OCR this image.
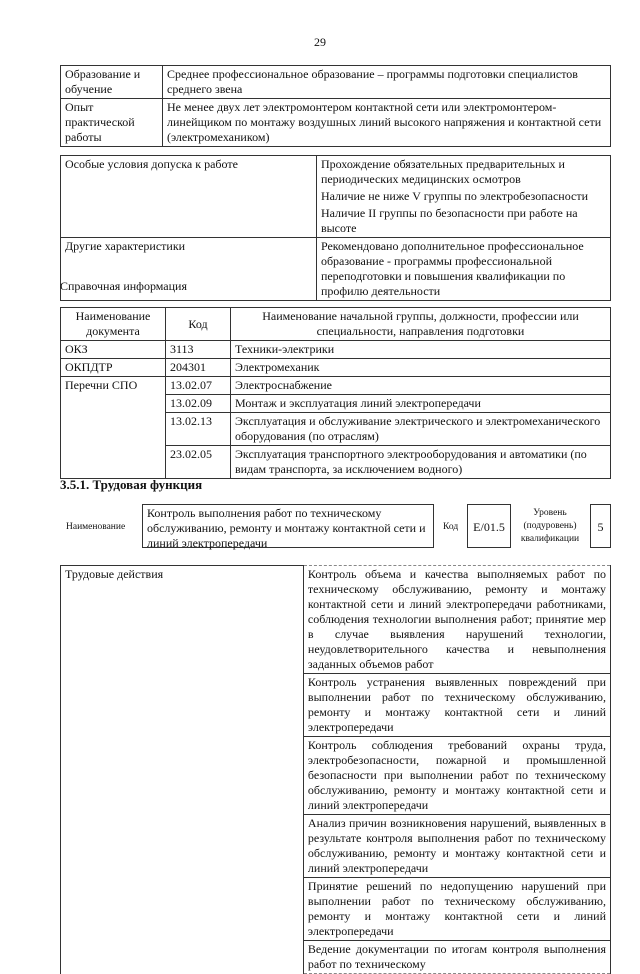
29
Образование и обучение	Среднее профессиональное образование – программы подготовки специалистов среднего звена
Опыт практической работы	Не менее двух лет электромонтером контактной сети или электромонтером-линейщиком по монтажу воздушных линий высокого напряжения и контактной сети (электромехаником)
Особые условия допуска к работе	Прохождение обязательных предварительных и периодических медицинских осмотров
	Наличие не ниже V группы по электробезопасности
	Наличие II группы по безопасности при работе на высоте
Другие характеристики	Рекомендовано дополнительное профессиональное образование - программы профессиональной переподготовки и повышения квалификации по профилю деятельности
Справочная информация
Наименование документа	Код	Наименование начальной группы, должности, профессии или специальности, направления подготовки
ОКЗ	3113	Техники-электрики
ОКПДТР	204301	Электромеханик
Перечни СПО	13.02.07	Электроснабжение
	13.02.09	Монтаж и эксплуатация линий электропередачи
	13.02.13	Эксплуатация и обслуживание электрического и электромеханического оборудования (по отраслям)
	23.02.05	Эксплуатация транспортного электрооборудования и автоматики (по видам транспорта, за исключением водного)
3.5.1. Трудовая функция
Наименование
Контроль выполнения работ по техническому обслуживанию, ремонту и монтажу контактной сети и линий электропередачи
Код	E/01.5
Уровень (подуровень) квалификации
5
Трудовые действия	Контроль объема и качества выполняемых работ по техническому обслуживанию, ремонту и монтажу контактной сети и линий электропередачи работниками, соблюдения технологии выполнения работ; принятие мер в случае выявления нарушений технологии, неудовлетворительного качества и невыполнения заданных объемов работ
Контроль устранения выявленных повреждений при выполнении работ по техническому обслуживанию, ремонту и монтажу контактной сети и линий электропередачи
Контроль соблюдения требований охраны труда, электробезопасности, пожарной и промышленной безопасности при выполнении работ по техническому обслуживанию, ремонту и монтажу контактной сети и линий электропередачи
Анализ причин возникновения нарушений, выявленных в результате контроля выполнения работ по техническому обслуживанию, ремонту и монтажу контактной сети и линий электропередачи
Принятие решений по недопущению нарушений при выполнении работ по техническому обслуживанию, ремонту и монтажу контактной сети и линий электропередачи
Ведение документации по итогам контроля выполнения работ по техническому
